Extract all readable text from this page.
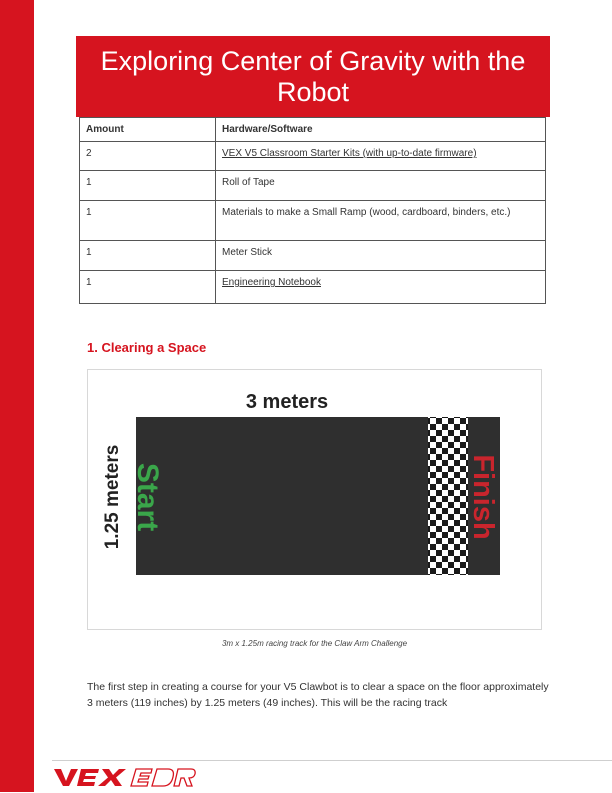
Exploring Center of Gravity with the Robot
Amount	Hardware/Software
2	VEX V5 Classroom Starter Kits (with up-to-date firmware)
1	Roll of Tape
1	Materials to make a Small Ramp (wood, cardboard, binders, etc.)
1	Meter Stick
1	Engineering Notebook
1. Clearing a Space
3 meters
1.25 meters Start	Finish
3m x 1.25m racing track for the Claw Arm Challenge
The first step in creating a course for your V5 Clawbot is to clear a space on the floor approximately 3 meters (119 inches) by 1.25 meters (49 inches). This will be the racing track
